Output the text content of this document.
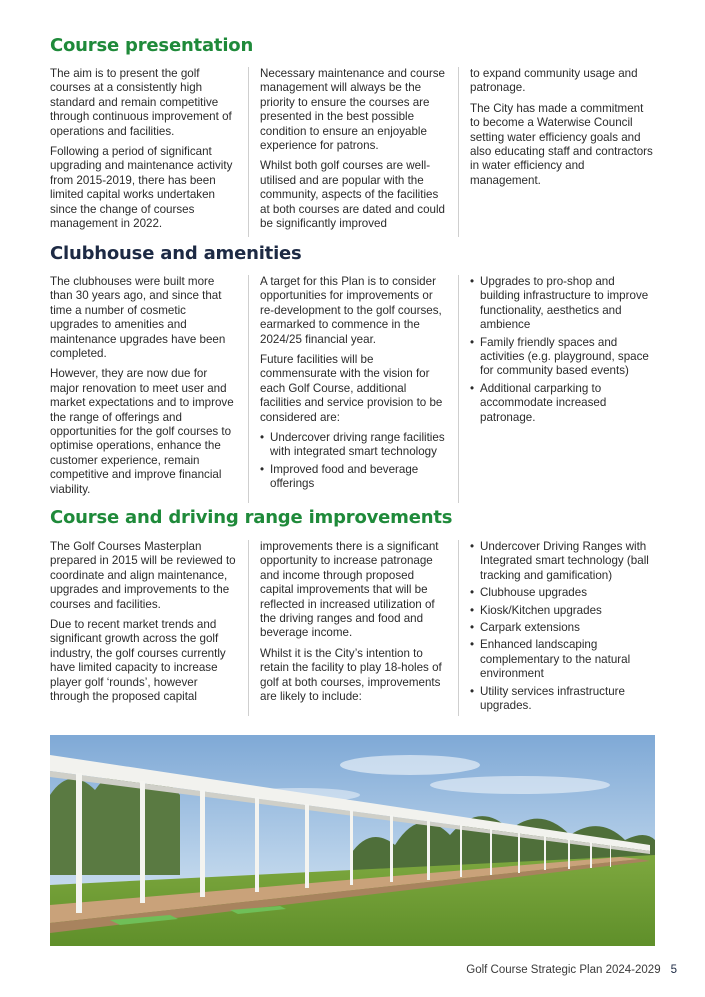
Course presentation

The aim is to present the golf courses at a consistently high standard and remain competitive through continuous improvement of operations and facilities.

Following a period of significant upgrading and maintenance activity from 2015-2019, there has been limited capital works undertaken since the change of courses management in 2022.

Necessary maintenance and course management will always be the priority to ensure the courses are presented in the best possible condition to ensure an enjoyable experience for patrons.

Whilst both golf courses are well-utilised and are popular with the community, aspects of the facilities at both courses are dated and could be significantly improved

to expand community usage and patronage.

The City has made a commitment to become a Waterwise Council setting water efficiency goals and also educating staff and contractors in water efficiency and management.

Clubhouse and amenities

The clubhouses were built more than 30 years ago, and since that time a number of cosmetic upgrades to amenities and maintenance upgrades have been completed.

However, they are now due for major renovation to meet user and market expectations and to improve the range of offerings and opportunities for the golf courses to optimise operations, enhance the customer experience, remain competitive and improve financial viability.

A target for this Plan is to consider opportunities for improvements or re-development to the golf courses, earmarked to commence in the 2024/25 financial year.

Future facilities will be commensurate with the vision for each Golf Course, additional facilities and service provision to be considered are:

• Undercover driving range facilities with integrated smart technology
• Improved food and beverage offerings
• Upgrades to pro-shop and building infrastructure to improve functionality, aesthetics and ambience
• Family friendly spaces and activities (e.g. playground, space for community based events)
• Additional carparking to accommodate increased patronage.
Course and driving range improvements

The Golf Courses Masterplan prepared in 2015 will be reviewed to coordinate and align maintenance, upgrades and improvements to the courses and facilities.

Due to recent market trends and significant growth across the golf industry, the golf courses currently have limited capacity to increase player golf ‘rounds’, however through the proposed capital

improvements there is a significant opportunity to increase patronage and income through proposed capital improvements that will be reflected in increased utilization of the driving ranges and food and beverage income.

Whilst it is the City’s intention to retain the facility to play 18-holes of golf at both courses, improvements are likely to include:

• Undercover Driving Ranges with Integrated smart technology (ball tracking and gamification)
• Clubhouse upgrades
• Kiosk/Kitchen upgrades
• Carpark extensions
• Enhanced landscaping complementary to the natural environment
• Utility services infrastructure upgrades.
Golf Course Strategic Plan 2024-2029 5
